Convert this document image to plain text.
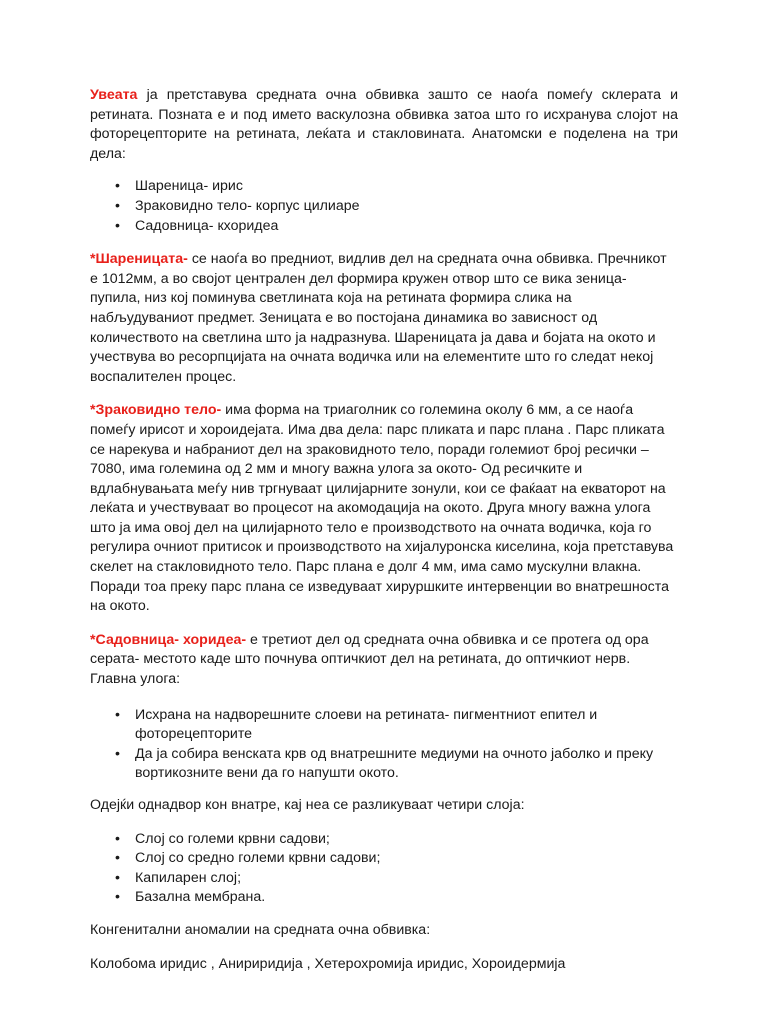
Увеата ја претставува средната очна обвивка зашто се наоѓа помеѓу склерата и ретината. Позната е и под името васкулозна обвивка затоа што го исхранува слојот на фоторецепторите на ретината, леќата и стакловината. Анатомски е поделена на три дела:

• Шареница- ирис
• Зраковидно тело- корпус цилиаре
• Садовница- кхоридеа

*Шареницата- се наоѓа во предниот, видлив дел на средната очна обвивка. Пречникот е 1012мм, а во својот централен дел формира кружен отвор што се вика зеница- пупила, низ кој поминува светлината која на ретината формира слика на набљудуваниот предмет. Зеницата е во постојана динамика во зависност од количеството на светлина што ја надразнува. Шареницата ја дава и бојата на окото и учествува во ресорпцијата на очната водичка или на елементите што го следат некој воспалителен процес.

*Зраковидно тело- има форма на триаголник со големина околу 6 мм, а се наоѓа помеѓу ирисот и хороидејата. Има два дела: парс пликата и парс плана . Парс пликата се нарекува и набраниот дел на зраковидното тело, поради големиот број ресички – 7080, има големина од 2 мм и многу важна улога за окото- Од ресичките и вдлабнувањата меѓу нив тргнуваат цилијарните зонули, кои се фаќаат на екваторот на леќата и учествуваат во процесот на акомодација на окото. Друга многу важна улога што ја има овој дел на цилијарното тело е производството на очната водичка, која го регулира очниот притисок и производството на хијалуронска киселина, која претставува скелет на стакловидното тело. Парс плана е долг 4 мм, има само мускулни влакна. Поради тоа преку парс плана се изведуваат хируршките интервенции во внатрешноста на окото.

*Садовница- хоридеа- е третиот дел од средната очна обвивка и се протега од ора серата- местото каде што почнува оптичкиот дел на ретината, до оптичкиот нерв. Главна улога:

• Исхрана на надворешните слоеви на ретината- пигментниот епител и фоторецепторите
• Да ја собира венската крв од внатрешните медиуми на очното јаболко и преку вортикозните вени да го напушти окото.

Одејќи однадвор кон внатре, кај неа се разликуваат четири слоја:

• Слој со големи крвни садови;
• Слој со средно големи крвни садови;
• Капиларен слој;
• Базална мембрана.

Конгенитални аномалии на средната очна обвивка:

Колобома иридис , Анириридија , Хетерохромија иридис, Хороидермија
